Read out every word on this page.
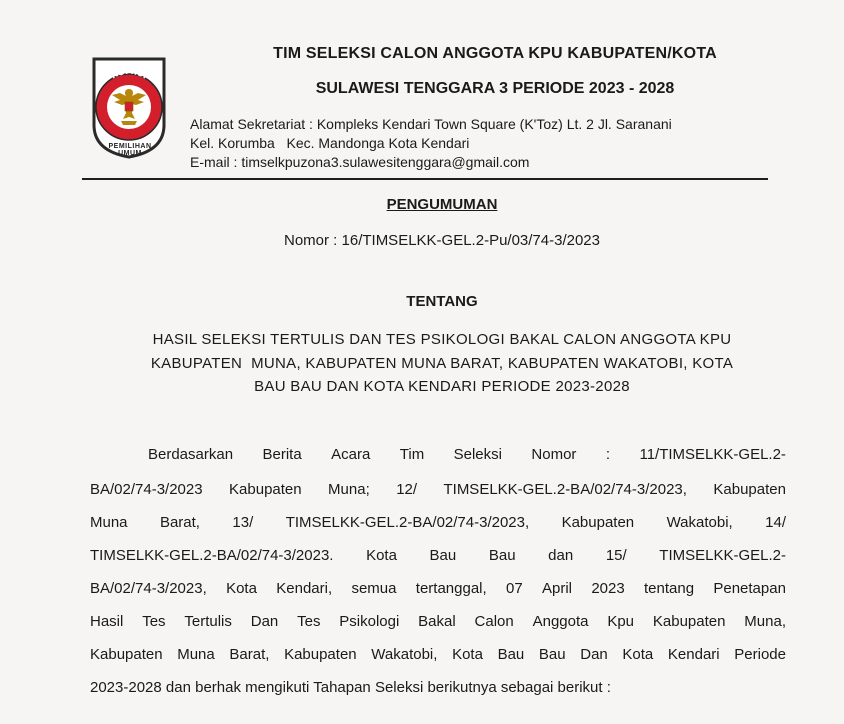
KOMISI
PEMILIHAN UMUM
TIM SELEKSI CALON ANGGOTA KPU KABUPATEN/KOTA
SULAWESI TENGGARA 3 PERIODE 2023 - 2028
Alamat Sekretariat : Kompleks Kendari Town Square (K'Toz) Lt. 2 Jl. Saranani
Kel. Korumba   Kec. Mandonga Kota Kendari
E-mail : timselkpuzona3.sulawesitenggara@gmail.com
PENGUMUMAN
Nomor : 16/TIMSELKK-GEL.2-Pu/03/74-3/2023
TENTANG
HASIL SELEKSI TERTULIS DAN TES PSIKOLOGI BAKAL CALON ANGGOTA KPU
KABUPATEN  MUNA, KABUPATEN MUNA BARAT, KABUPATEN WAKATOBI, KOTA
BAU BAU DAN KOTA KENDARI PERIODE 2023-2028
Berdasarkan Berita Acara Tim Seleksi Nomor : 11/TIMSELKK-GEL.2-
BA/02/74-3/2023 Kabupaten Muna; 12/ TIMSELKK-GEL.2-BA/02/74-3/2023, Kabupaten
Muna Barat, 13/ TIMSELKK-GEL.2-BA/02/74-3/2023, Kabupaten Wakatobi, 14/
TIMSELKK-GEL.2-BA/02/74-3/2023. Kota Bau Bau dan 15/ TIMSELKK-GEL.2-
BA/02/74-3/2023, Kota Kendari, semua tertanggal, 07 April 2023 tentang Penetapan
Hasil Tes Tertulis Dan Tes Psikologi Bakal Calon Anggota Kpu Kabupaten Muna,
Kabupaten Muna Barat, Kabupaten Wakatobi, Kota Bau Bau Dan Kota Kendari Periode
2023-2028 dan berhak mengikuti Tahapan Seleksi berikutnya sebagai berikut :
